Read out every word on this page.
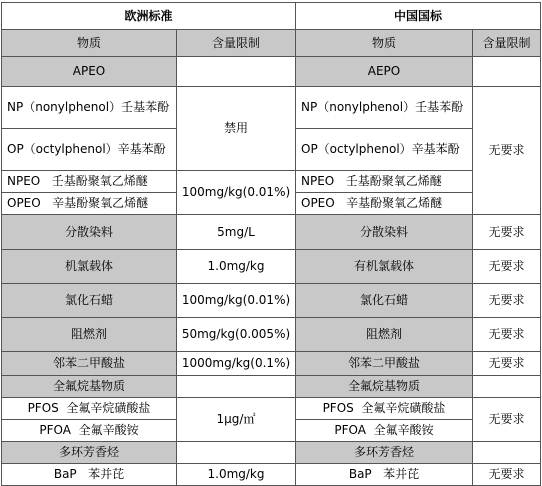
欧洲标准		中国国标	
物质	含量限制	物质	含量限制
APEO		AEPO	
NP（nonylphenol）壬基苯酚	禁用	NP（nonylphenol）壬基苯酚	无要求
OP（octylphenol）辛基苯酚		OP（octylphenol）辛基苯酚	
NPEO 壬基酚聚氧乙烯醚	100mg/kg(0.01%)	NPEO 壬基酚聚氧乙烯醚	
OPEO 辛基酚聚氧乙烯醚		OPEO 辛基酚聚氧乙烯醚	
分散染料	5mg/L	分散染料	无要求
机氯载体	1.0mg/kg	有机氯载体	无要求
氯化石蜡	100mg/kg(0.01%)	氯化石蜡	无要求
阻燃剂	50mg/kg(0.005%)	阻燃剂	无要求
邻苯二甲酸盐	1000mg/kg(0.1%)	邻苯二甲酸盐	无要求
全氟烷基物质		全氟烷基物质	
PFOS 全氟辛烷磺酸盐	1μg/㎡	PFOS 全氟辛烷磺酸盐	无要求
PFOA 全氟辛酸铵		PFOA 全氟辛酸铵	
多环芳香烃		多环芳香烃	
BaP 苯并芘	1.0mg/kg	BaP 苯并芘	无要求
